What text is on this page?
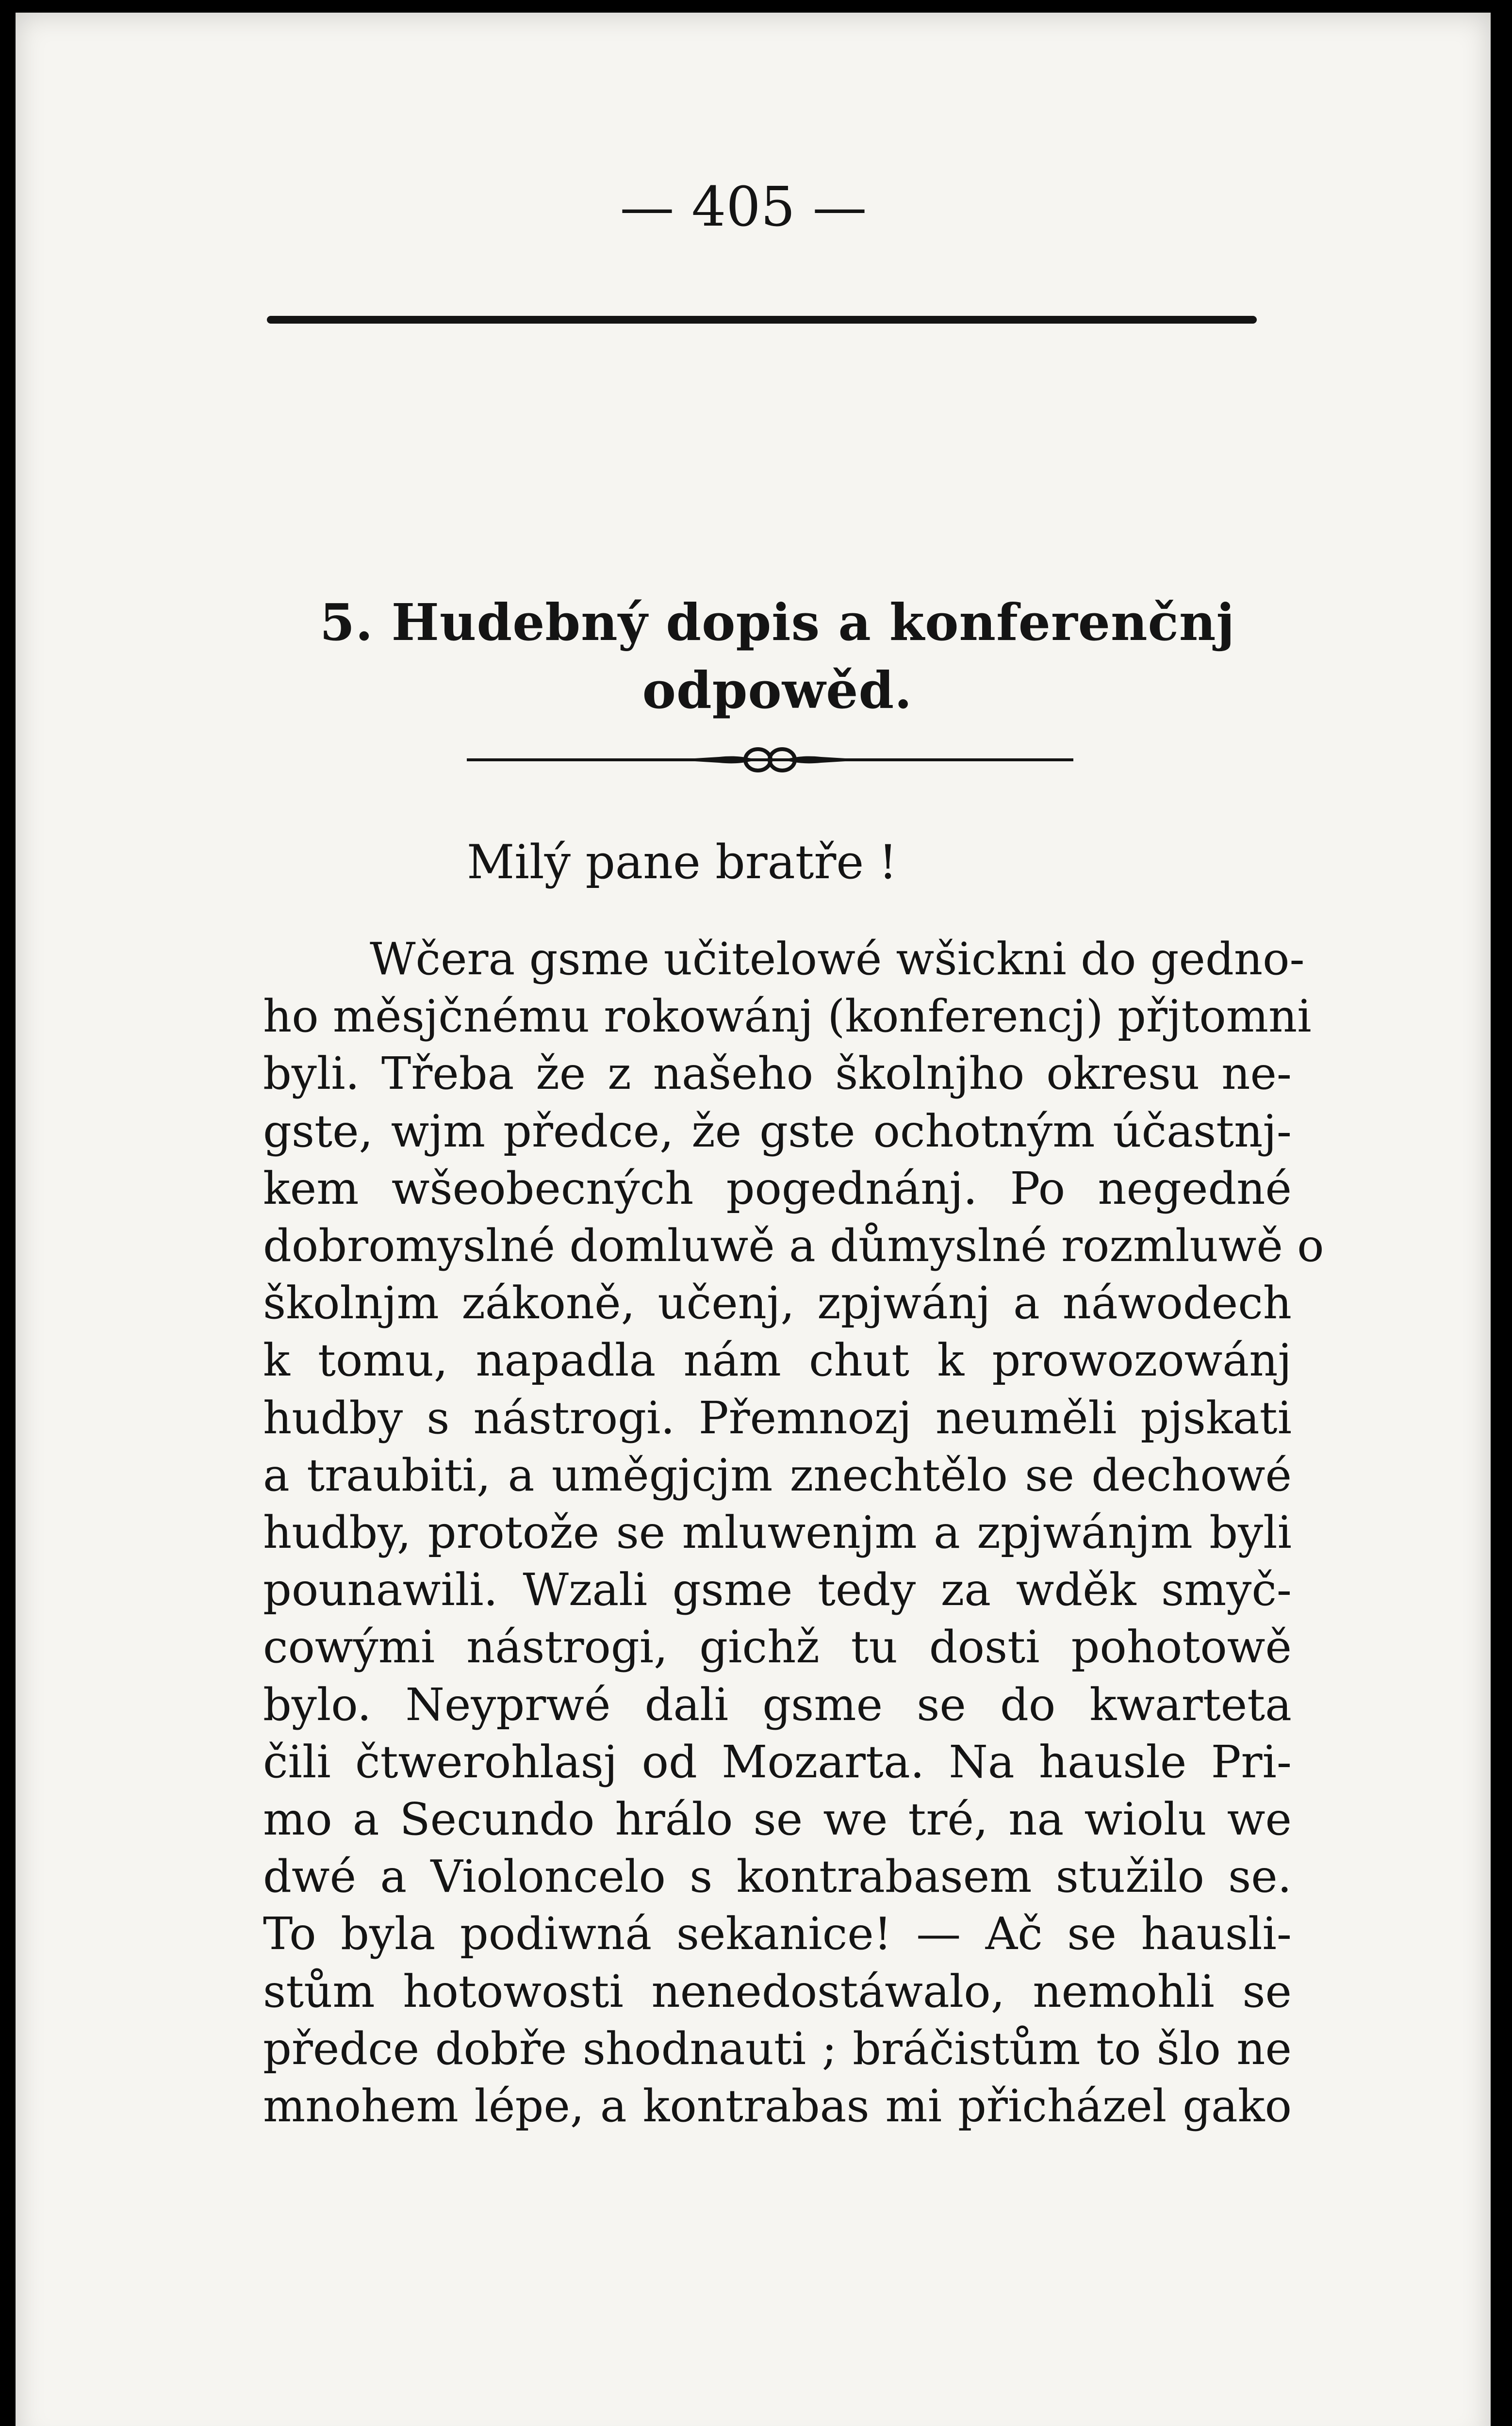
— 405 —
5. Hudebný dopis a konferenčnj
odpowěd.
Milý pane bratře !
Wčera gsme učitelowé wšickni do gedno-
ho měsjčnému rokowánj (konferencj) přjtomni
byli. Třeba že z našeho školnjho okresu ne-
gste, wjm předce, že gste ochotným účastnj-
kem wšeobecných pogednánj. Po negedné
dobromyslné domluwě a důmyslné rozmluwě o
školnjm zákoně, učenj, zpjwánj a náwodech
k tomu, napadla nám chut k prowozowánj
hudby s nástrogi. Přemnozj neuměli pjskati
a traubiti, a uměgjcjm znechtělo se dechowé
hudby, protože se mluwenjm a zpjwánjm byli
pounawili. Wzali gsme tedy za wděk smyč-
cowými nástrogi, gichž tu dosti pohotowě
bylo. Neyprwé dali gsme se do kwarteta
čili čtwerohlasj od Mozarta. Na hausle Pri-
mo a Secundo hrálo se we tré, na wiolu we
dwé a Violoncelo s kontrabasem stužilo se.
To byla podiwná sekanice! — Ač se hausli-
stům hotowosti nenedostáwalo, nemohli se
předce dobře shodnauti ; bráčistům to šlo ne
mnohem lépe, a kontrabas mi přicházel gako
